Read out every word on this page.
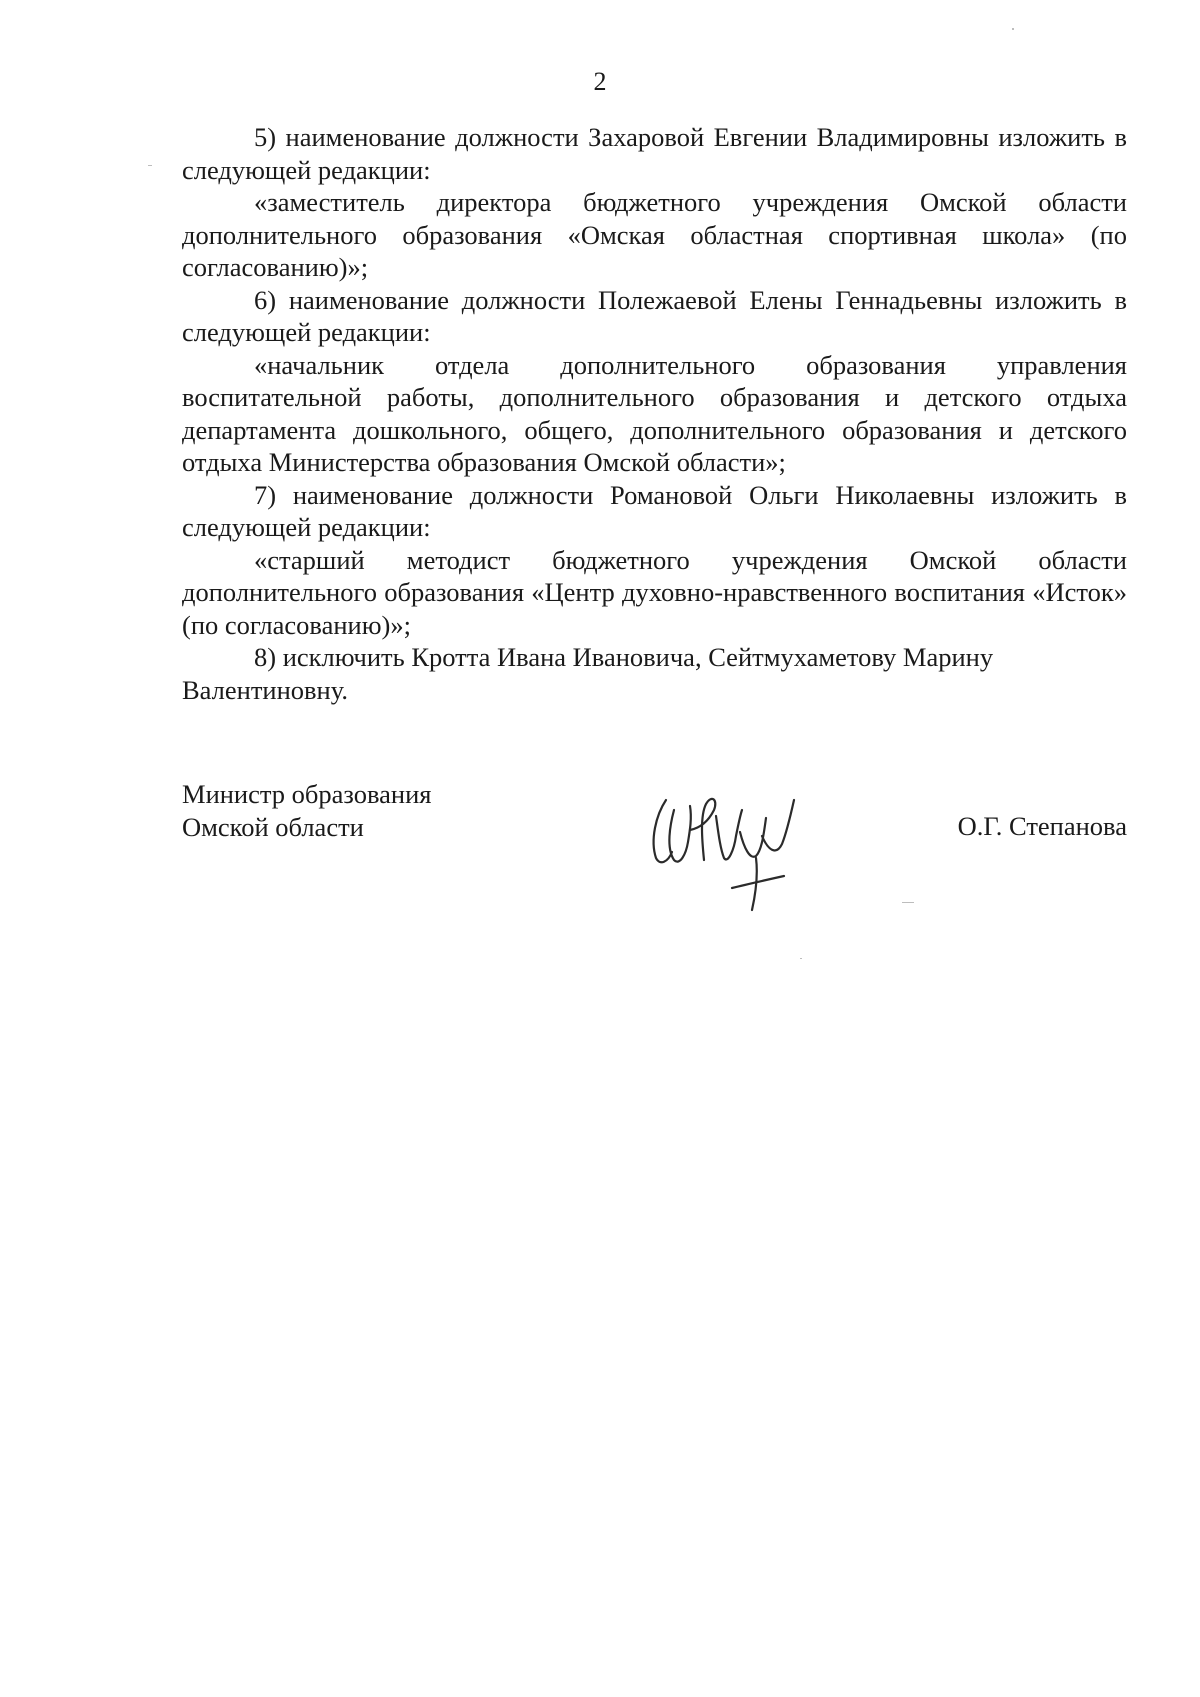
2

5) наименование должности Захаровой Евгении Владимировны изложить в следующей редакции:

«заместитель директора бюджетного учреждения Омской области дополнительного образования «Омская областная спортивная школа» (по согласованию)»;

6) наименование должности Полежаевой Елены Геннадьевны изложить в следующей редакции:

«начальник отдела дополнительного образования управления воспитательной работы, дополнительного образования и детского отдыха департамента дошкольного, общего, дополнительного образования и детского отдыха Министерства образования Омской области»;

7) наименование должности Романовой Ольги Николаевны изложить в следующей редакции:

«старший методист бюджетного учреждения Омской области дополнительного образования «Центр духовно-нравственного воспитания «Исток» (по согласованию)»;

8) исключить Кротта Ивана Ивановича, Сейтмухаметову Марину Валентиновну.

Министр образования
Омской области	О.Г. Степанова
